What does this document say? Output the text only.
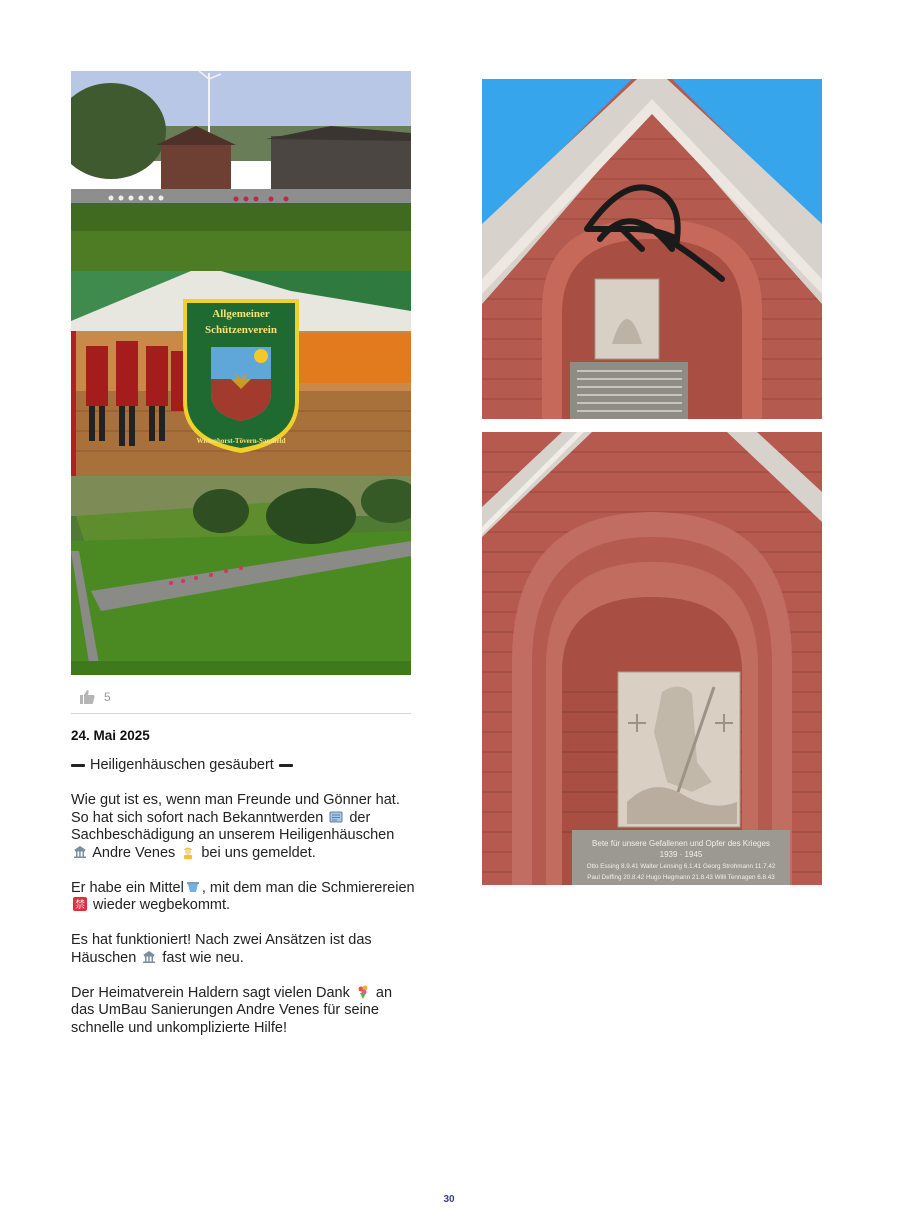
Allgemeiner
Schützenverein
Wittenhorst-Tövern-Sandfeld
5
24. Mai 2025
Heiligenhäuschen gesäubert

Wie gut ist es, wenn man Freunde und Gönner hat. So hat sich sofort nach Bekanntwerden der Sachbeschädigung an unserem Heiligenhäuschen  Andre Venes bei uns gemeldet.

Er habe ein Mittel , mit dem man die Schmierereien
禁 wieder wegbekommt.

Es hat funktioniert! Nach zwei Ansätzen ist das Häuschen fast wie neu.

Der Heimatverein Haldern sagt vielen Dank an das UmBau Sanierungen Andre Venes für seine schnelle und unkomplizierte Hilfe!

Bete für unsere Gefallenen und Opfer des Krieges
1939 · 1945
Otto Essing 8.9.41 Walter Lensing 6.1.41 Georg Strohmann 11.7.42
Paul Deffing 20.8.42 Hugo Hegmann 21.8.43 Willi Tennagen 6.8.43
30
